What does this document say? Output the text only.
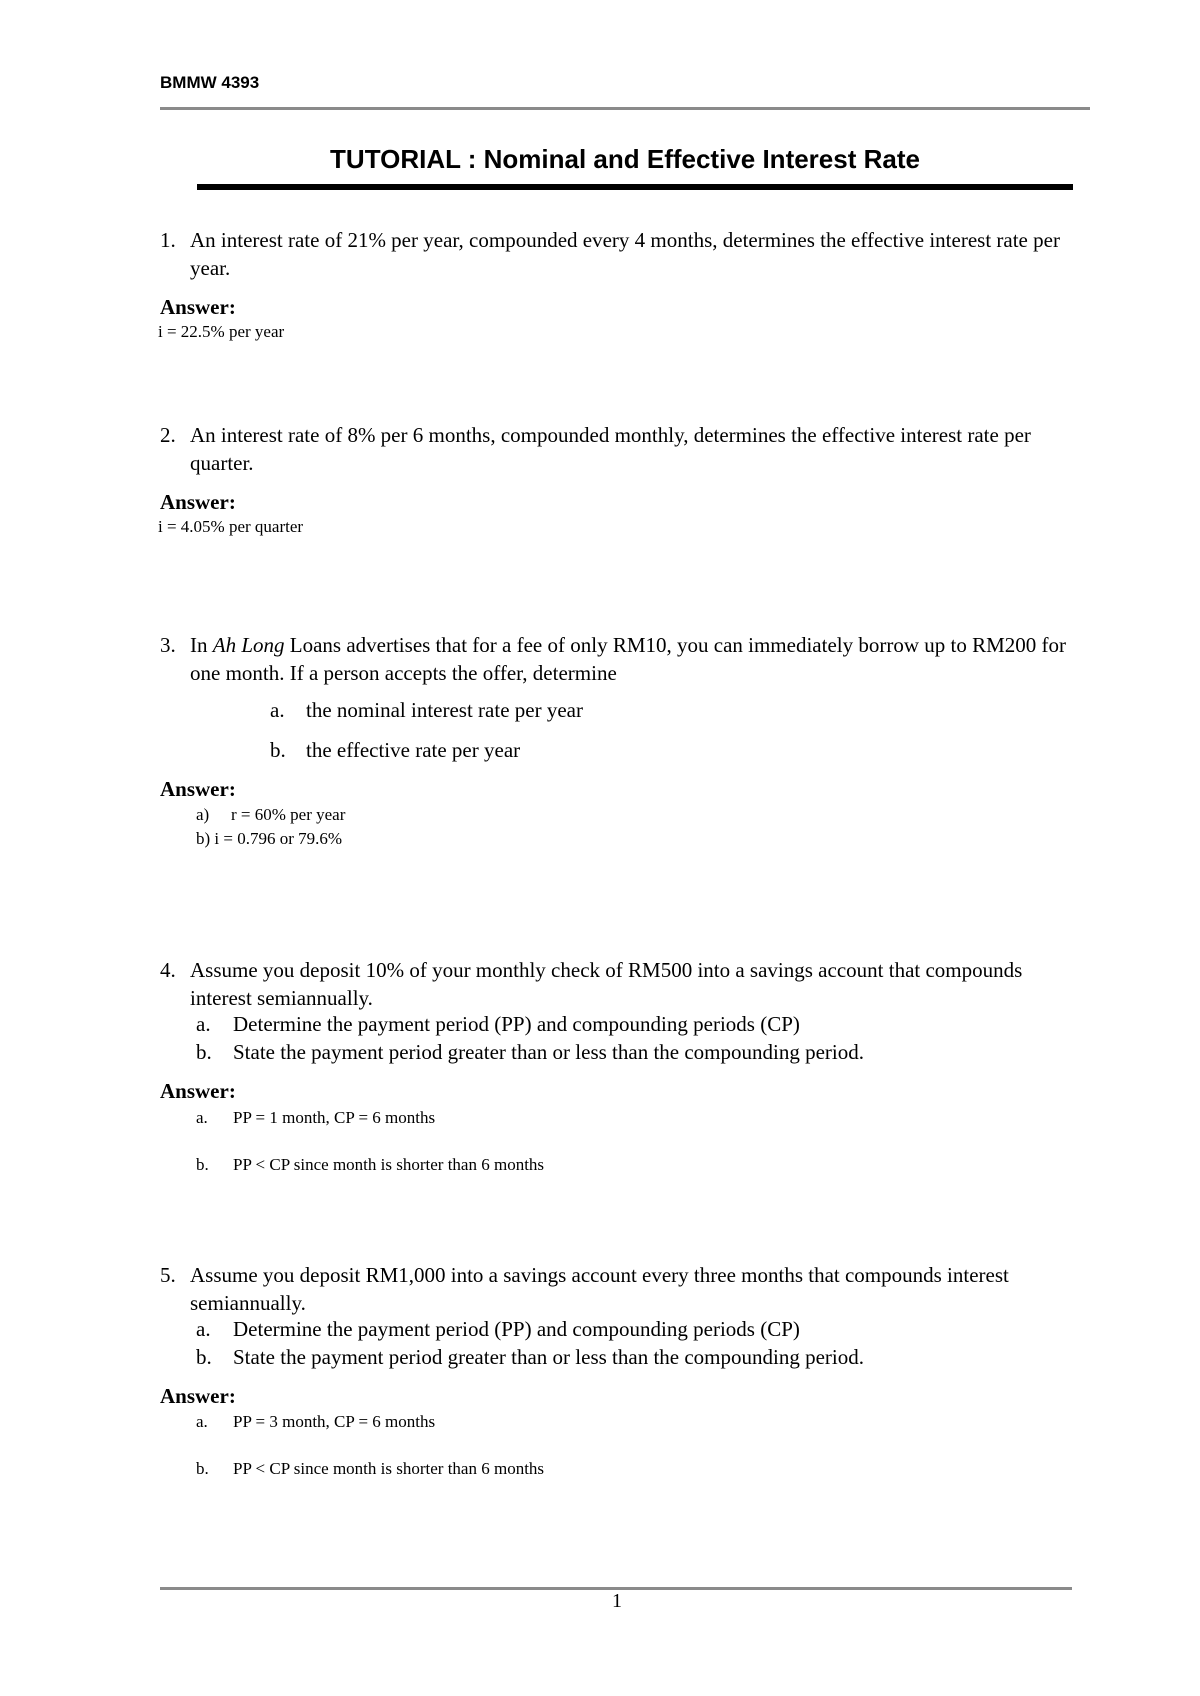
BMMW 4393
TUTORIAL : Nominal and Effective Interest Rate
1. An interest rate of 21% per year, compounded every 4 months, determines the effective interest rate per year.
Answer:
i = 22.5% per year
2. An interest rate of 8% per 6 months, compounded monthly, determines the effective interest rate per quarter.
Answer:
i = 4.05% per quarter
3. In Ah Long Loans advertises that for a fee of only RM10, you can immediately borrow up to RM200 for one month. If a person accepts the offer, determine
a. the nominal interest rate per year
b. the effective rate per year
Answer:
a) r = 60% per year
b) i = 0.796 or 79.6%
4. Assume you deposit 10% of your monthly check of RM500 into a savings account that compounds interest semiannually.
a. Determine the payment period (PP) and compounding periods (CP)
b. State the payment period greater than or less than the compounding period.
Answer:
a. PP = 1 month, CP = 6 months
b. PP < CP since month is shorter than 6 months
5. Assume you deposit RM1,000 into a savings account every three months that compounds interest semiannually.
a. Determine the payment period (PP) and compounding periods (CP)
b. State the payment period greater than or less than the compounding period.
Answer:
a. PP = 3 month, CP = 6 months
b. PP < CP since month is shorter than 6 months
1
